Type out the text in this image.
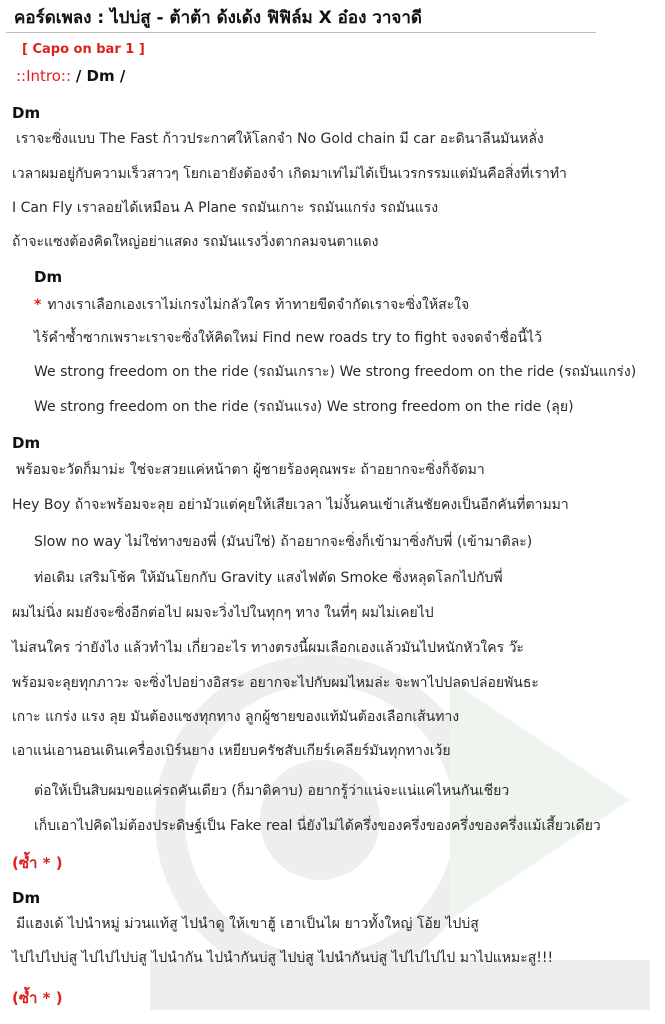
คอร์ดเพลง : ไปบ่สู - ต้าต้า ด้งเด้ง ฟิฟิล์ม X อ๋อง วาจาดี
[ Capo on bar 1 ]
::Intro:: / Dm /
Dm
เราจะซิ่งแบบ The Fast ก้าวประกาศให้โลกจำ No Gold chain มี car อะดินาลีนมันหลั่ง
เวลาผมอยู่กับความเร็วสาวๆ โยกเอายังต้องจำ เกิดมาเท่ไม่ได้เป็นเวรกรรมแต่มันคือสิ่งที่เราทำ
I Can Fly เราลอยได้เหมือน A Plane รถมันเกาะ รถมันแกร่ง รถมันแรง
ถ้าจะแซงต้องคิดใหญ่อย่าแสดง รถมันแรงวิ่งตากลมจนตาแดง
Dm
* ทางเราเลือกเองเราไม่เกรงไม่กลัวใคร ท้าทายขีดจำกัดเราจะซิ่งให้สะใจ
ไร้คำซ้ำซากเพราะเราจะซิ่งให้คิดใหม่ Find new roads try to fight จงจดจำชื่อนี้ไว้
We strong freedom on the ride (รถมันเกราะ) We strong freedom on the ride (รถมันแกร่ง)
We strong freedom on the ride (รถมันแรง) We strong freedom on the ride (ลุย)
Dm
พร้อมจะวัดก็มาม่ะ ใช่จะสวยแค่หน้าตา ผู้ชายร้องคุณพระ ถ้าอยากจะซิ่งก็จัดมา
Hey Boy ถ้าจะพร้อมจะลุย อย่ามัวแต่คุยให้เสียเวลา ไม่งั้นคนเข้าเส้นชัยคงเป็นอีกคันที่ตามมา
Slow no way ไม่ใช่ทางของพี่ (มันบ่ใช่) ถ้าอยากจะซิ่งก็เข้ามาซิ่งกับพี่ (เข้ามาติละ)
ท่อเดิม เสริมโช้ค ให้มันโยกกับ Gravity แสงไฟตัด Smoke ซิ่งหลุดโลกไปกับพี่
ผมไม่นิ่ง ผมยังจะซิ่งอีกต่อไป ผมจะวิ่งไปในทุกๆ ทาง ในที่ๆ ผมไม่เคยไป
ไม่สนใคร ว่ายังไง แล้วทำไม เกี่ยวอะไร ทางตรงนี้ผมเลือกเองแล้วมันไปหนักหัวใคร ว๊ะ
พร้อมจะลุยทุกภาวะ จะซิ่งไปอย่างอิสระ อยากจะไปกับผมไหมล่ะ จะพาไปปลดปล่อยพันธะ
เกาะ แกร่ง แรง ลุย มันต้องแซงทุกทาง ลูกผู้ชายของแท้มันต้องเลือกเส้นทาง
เอาแน่เอานอนเดินเครื่องเบิร์นยาง เหยียบครัชสับเกียร์เคลียร์มันทุกทางเว้ย
ต่อให้เป็นสิบผมขอแค่รถคันเดียว (ก็มาดิคาบ) อยากรู้ว่าแน่จะแน่แค่ไหนกันเชียว
เก็บเอาไปคิดไม่ต้องประดิษฐ์เป็น Fake real นี่ยังไม่ได้ครึ่งของครึ่งของครึ่งของครึ่งแม้เสี้ยวเดียว
(ซ้ำ * )
Dm
มีแฮงเด้ ไปนำหมู่ ม่วนแท้สู ไปนำดู ให้เขาฮู้ เฮาเป็นไผ ยาวทั้งใหญ่ โอ้ย ไปบ่สู
ไปไปไปบ่สู ไปไปไปบ่สู ไปนำกัน ไปนำกันบ่สู ไปบ่สู ไปนำกันบ่สู ไปไปไปไป มาไปแหมะสู!!!
(ซ้ำ * )
